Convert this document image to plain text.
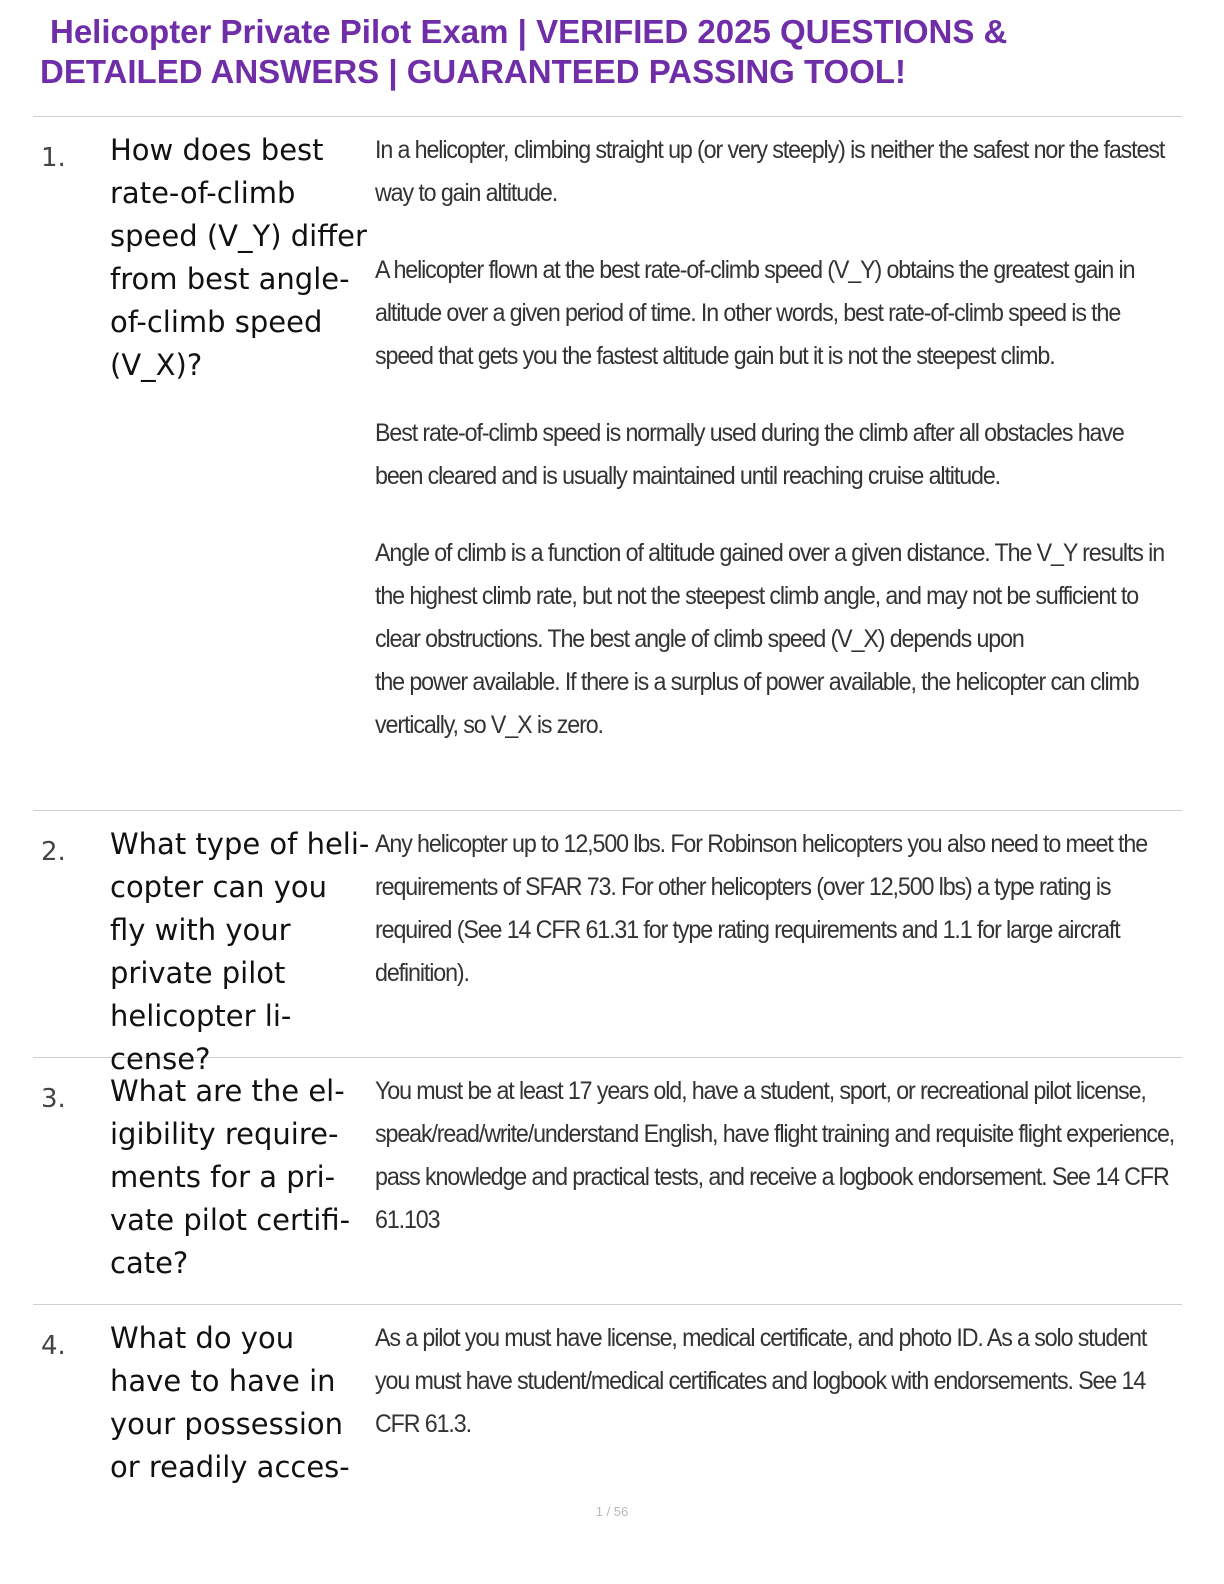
Helicopter Private Pilot Exam | VERIFIED 2025 QUESTIONS &
DETAILED ANSWERS | GUARANTEED PASSING TOOL!
1. How does best rate-of-climb speed (V_Y) differ from best angle-of-climb speed (V_X)?

In a helicopter, climbing straight up (or very steeply) is neither the safest nor the fastest way to gain altitude.

A helicopter flown at the best rate-of-climb speed (V_Y) obtains the greatest gain in altitude over a given period of time. In other words, best rate-of-climb speed is the speed that gets you the fastest altitude gain but it is not the steepest climb.

Best rate-of-climb speed is normally used during the climb after all obstacles have been cleared and is usually maintained until reaching cruise altitude.

Angle of climb is a function of altitude gained over a given distance. The V_Y results in the highest climb rate, but not the steepest climb angle, and may not be sufficient to clear obstructions. The best angle of climb speed (V_X) depends upon

the power available. If there is a surplus of power available, the helicopter can climb vertically, so V_X is zero.

2. What type of heli-copter can you fly with your private pilot helicopter li-cense?

Any helicopter up to 12,500 lbs. For Robinson helicopters you also need to meet the requirements of SFAR 73. For other helicopters (over 12,500 lbs) a type rating is required (See 14 CFR 61.31 for type rating requirements and 1.1 for large aircraft definition).

3. What are the el-igibility require-ments for a pri-vate pilot certifi-cate?

You must be at least 17 years old, have a student, sport, or recreational pilot license, speak/read/write/understand English, have flight training and requisite flight experience, pass knowledge and practical tests, and receive a logbook endorsement. See 14 CFR 61.103

4. What do you have to have in your possession or readily acces-

As a pilot you must have license, medical certificate, and photo ID. As a solo student you must have student/medical certificates and logbook with endorsements. See 14 CFR 61.3.

1 / 56
